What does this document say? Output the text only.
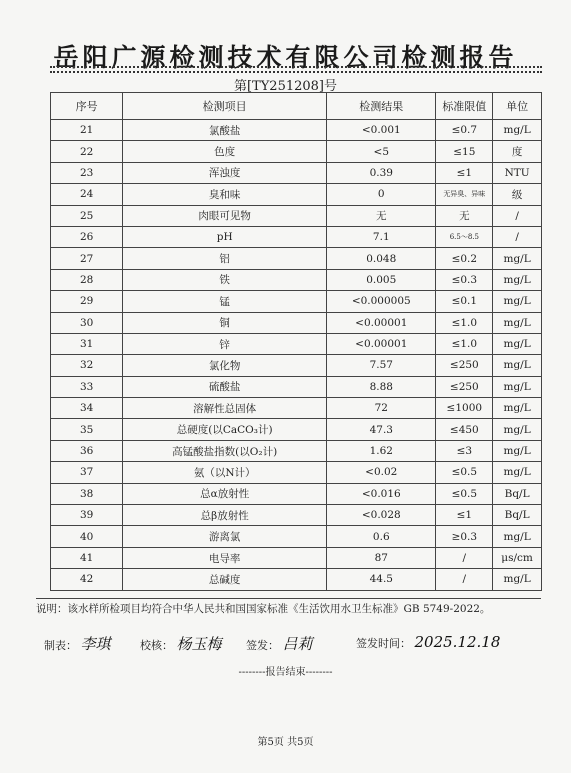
岳阳广源检测技术有限公司检测报告
第[TY251208]号
序号	检测项目	检测结果	标准限值	单位
21	氯酸盐	<0.001	≤0.7	mg/L
22	色度	<5	≤15	度
23	浑浊度	0.39	≤1	NTU
24	臭和味	0	无异臭、异味	级
25	肉眼可见物	无	无	/
26	pH	7.1	6.5～8.5	/
27	铝	0.048	≤0.2	mg/L
28	铁	0.005	≤0.3	mg/L
29	锰	<0.000005	≤0.1	mg/L
30	铜	<0.00001	≤1.0	mg/L
31	锌	<0.00001	≤1.0	mg/L
32	氯化物	7.57	≤250	mg/L
33	硫酸盐	8.88	≤250	mg/L
34	溶解性总固体	72	≤1000	mg/L
35	总硬度(以CaCO₃计)	47.3	≤450	mg/L
36	高锰酸盐指数(以O₂计)	1.62	≤3	mg/L
37	氨（以N计）	<0.02	≤0.5	mg/L
38	总α放射性	<0.016	≤0.5	Bq/L
39	总β放射性	<0.028	≤1	Bq/L
40	游离氯	0.6	≥0.3	mg/L
41	电导率	87	/	μs/cm
42	总碱度	44.5	/	mg/L
说明：该水样所检项目均符合中华人民共和国国家标准《生活饮用水卫生标准》GB 5749-2022。
制表： 李琪	校核： 杨玉梅 签发： 吕莉	签发时间： 2025.12.18
--------报告结束--------
第5页 共5页
